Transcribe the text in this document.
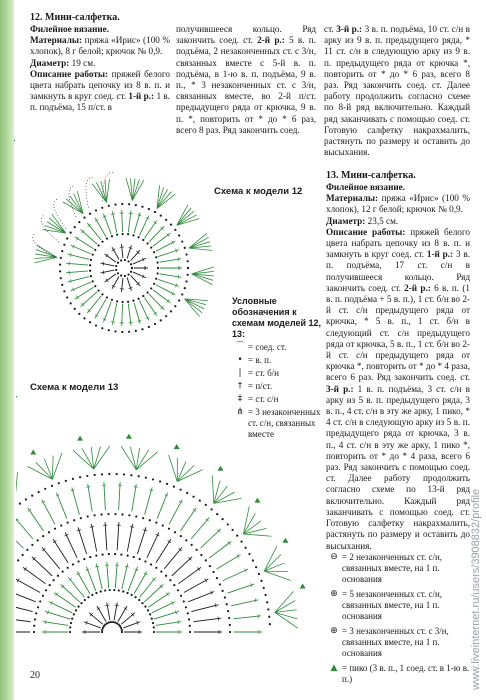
12. Мини-салфетка.

Филейное вязание.

Материалы: пряжа «Ирис» (100 % хлопок), 8 г белой; крючок № 0,9.

Диаметр: 19 см.

Описание работы: пряжей белого цвета набрать цепочку из 8 в. п. и замкнуть в круг соед. ст. 1-й р.: 1 в. п. подъёма, 15 п/ст. в

получившееся кольцо. Ряд закончить соед. ст. 2-й р.: 5 в. п. подъёма, 2 незаконченных ст. с 3/н, связанных вместе с 5-й в. п. подъёма, в 1-ю в. п. подъёма, 9 в. п., * 3 незаконченных ст. с 3/н, связанных вместе, во 2-й п/ст. предыдущего ряда от крючка, 9 в. п. *, повторить от * до * 6 раз, всего 8 раз. Ряд закончить соед.

ст. 3-й р.: 3 в. п. подъёма, 10 ст. с/н в арку из 9 в. п. предыдущего ряда, * 11 ст. с/н в следующую арку из 9 в. п. предыдущего ряда от крючка *, повторить от * до * 6 раз, всего 8 раз. Ряд закончить соед. ст. Далее работу продолжить согласно схеме по 8-й ряд включительно. Каждый ряд заканчивать с помощью соед. ст. Готовую салфетку накрахмалить, растянуть по размеру и оставить до высыхания.

13. Мини-салфетка.

Филейное вязание.

Материалы: пряжа «Ирис» (100 % хлопок), 12 г белой; крючок № 0,9.

Диаметр: 23,5 см.

Описание работы: пряжей белого цвета набрать цепочку из 8 в. п. и замкнуть в круг соед. ст. 1-й р.: 3 в. п. подъёма, 17 ст. с/н в получившееся кольцо. Ряд закончить соед. ст. 2-й р.: 6 в. п. (1 в. п. подъёма + 5 в. п.), 1 ст. б/н во 2-й ст. с/н предыдущего ряда от крючка, * 5 в. п., 1 ст. б/н в следующий ст. с/н предыдущего ряда от крючка, 5 в. п., 1 ст. б/н во 2-й ст. с/н предыдущего ряда от крючка *, повторить от * до * 4 раза, всего 6 раз. Ряд закончить соед. ст. 3-й р.: 1 в. п. подъёма, 3 ст. с/н в арку из 5 в. п. предыдущего ряда, 3 в. п., 4 ст. с/н в эту же арку, 1 пико, * 4 ст. с/н в следующую арку из 5 в. п. предыдущего ряда от крючка, 3 в. п., 4 ст. с/н в эту же арку, 1 пико *, повторить от * до * 4 раза, всего 6 раз. Ряд закончить с помощью соед. ст. Далее работу продолжить согласно схеме по 13-й ряд включительно. Каждый ряд заканчивать с помощью соед. ст. Готовую салфетку накрахмалить, растянуть по размеру и оставить до высыхания.

Схема к модели 12
Схема к модели 13
Условные обозначения к схемам моделей 12, 13:
⌒ = соед. ст.
• = в. п.
| = ст. б/н
† = п/ст.
‡ = ст. с/н
⋔ = 3 незаконченных ст. с/н, связанных вместе
⊖ = 2 незаконченных ст. с/н, связанных вместе, на 1 п. основания
⊕ = 5 незаконченных ст. с/н, связанных вместе, на 1 п. основания
⊕ = 3 незаконченных ст. с 3/н, связанных вместе, на 1 п. основания
▲ = пико (3 в. п., 1 соед. ст. в 1-ю в. п.)
20	www.liveinternet.ru/users/3908832/profile
